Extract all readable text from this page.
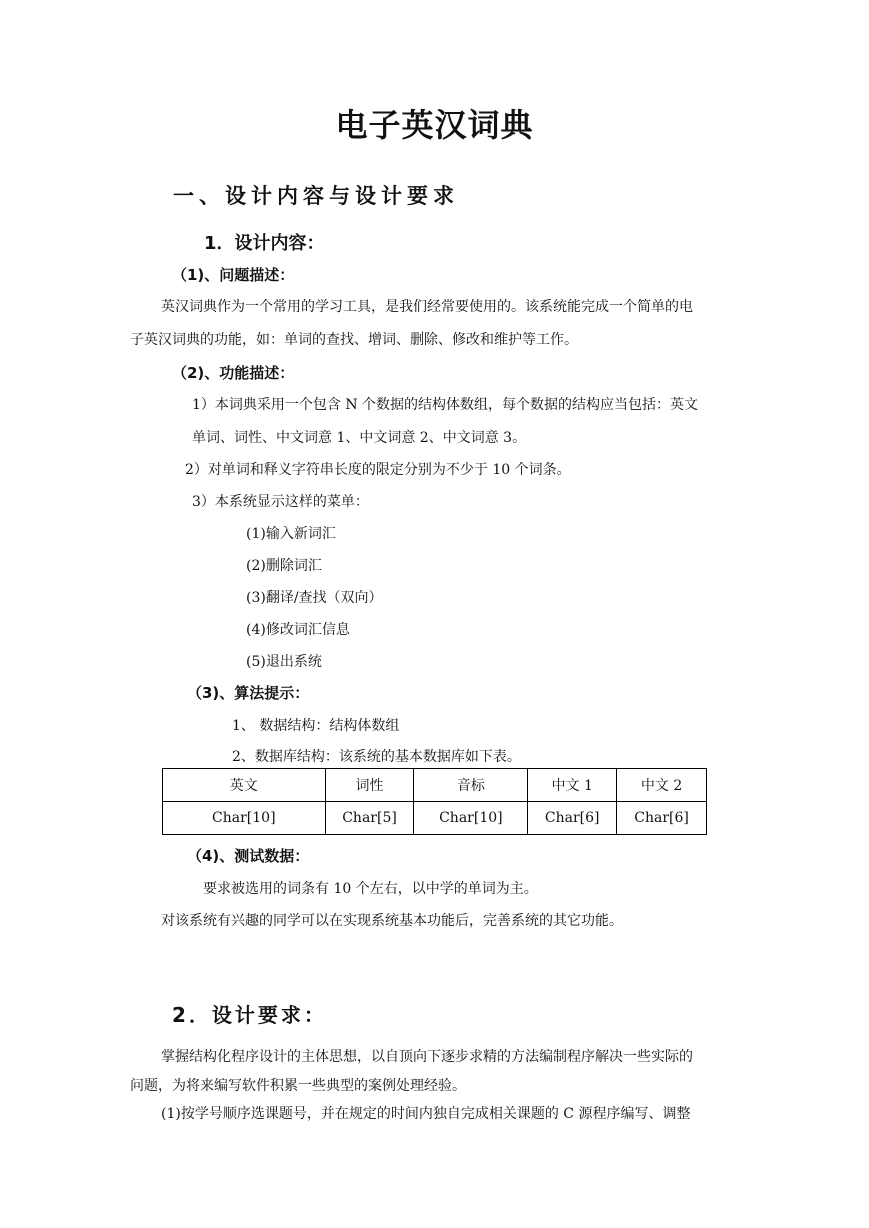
电子英汉词典
一、设计内容与设计要求
1．设计内容：
（1)、问题描述：
英汉词典作为一个常用的学习工具，是我们经常要使用的。该系统能完成一个简单的电
子英汉词典的功能，如：单词的查找、增词、删除、修改和维护等工作。
（2)、功能描述：
1）本词典采用一个包含 N 个数据的结构体数组，每个数据的结构应当包括：英文
单词、词性、中文词意 1、中文词意 2、中文词意 3。
2）对单词和释义字符串长度的限定分别为不少于 10 个词条。
3）本系统显示这样的菜单：
(1)输入新词汇
(2)删除词汇
(3)翻译/查找（双向）
(4)修改词汇信息
(5)退出系统
（3)、算法提示：
1、 数据结构：结构体数组
2、数据库结构：该系统的基本数据库如下表。
英文	词性	音标	中文 1	中文 2
Char[10]	Char[5]	Char[10]	Char[6]	Char[6]
（4)、测试数据：
要求被选用的词条有 10 个左右，以中学的单词为主。
对该系统有兴趣的同学可以在实现系统基本功能后，完善系统的其它功能。
2．设计要求：
掌握结构化程序设计的主体思想，以自顶向下逐步求精的方法编制程序解决一些实际的
问题，为将来编写软件积累一些典型的案例处理经验。
(1)按学号顺序选课题号，并在规定的时间内独自完成相关课题的 C 源程序编写、调整
